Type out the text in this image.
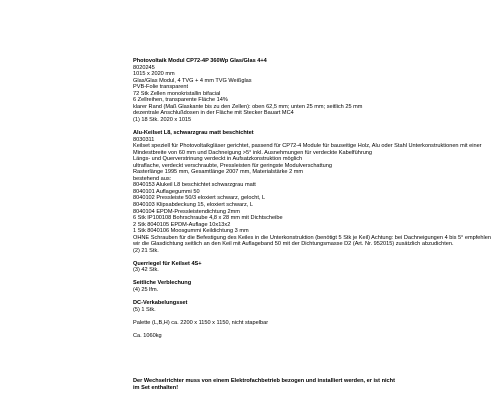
Photovoltaik Modul CP72-4P 360Wp Glas/Glas 4+4
8020245
1015 x 2020 mm
Glas/Glas Modul, 4 TVG + 4 mm TVG Weißglas
PVB-Folie transparent
72 Stk Zellen monokristallin bifacial
6 Zellreihen, transparente Fläche 14%
klarer Rand (Maß Glaskante bis zu den Zellen): oben 62,5 mm; unten 25 mm; seitlich 25 mm
dezentrale Anschlußdosen in der Fläche mit Stecker Bauart MC4
(1) 18 Stk. 2020 x 1015
Alu-Keilset L8, schwarzgrau matt beschichtet
8030311
Keilset speziell für Photovoltaikgläser gerichtet, passend für CP72-4 Module für bauseitige Holz, Alu oder Stahl Unterkonstruktionen mit einer Mindestbreite von 60 mm und Dachneigung >5° inkl. Ausnehmungen für verdeckte Kabelführung
Längs- und Querverstrinung verdeckt in Aufsatzkonstruktion möglich
ultraflache, verdeckt verschraubte, Pressleisten für geringste Modulverschattung
Rasterlänge 1995 mm, Gesamtlänge 2007 mm, Materialstärke 2 mm
bestehend aus:
8040153 Alukeil L8 beschichtet schwarzgrau matt
8040101 Auflagegummi 50
8040102 Pressleiste 50/3 eloxiert schwarz, gelocht, L
8040103 Klipsabdeckung 15, eloxiert schwarz, L
8040104 EPDM-Pressleistendichtung 2mm
6 Stk IP100108 Bohrschraube 4,8 x 28 mm mit Dichtscheibe
2 Stk 8040105 EPDM-Auflage 10x13x2
1 Stk 8040106 Moosgummi Keildichtung 3 mm
OHNE Schrauben für die Befestigung des Keiles in die Unterkonstruktion (benötigt 5 Stk je Keil) Achtung: bei Dachneigungen 4 bis 5° empfehlen wir die Glasdichtung seitlich an den Keil mit Auflageband 50 mit der Dichtungsmasse D2 (Art. Nr. 952015) zusätzlich abzudichten.
(2) 21 Stk.
Querriegel für Keilset 4S+
(3) 42 Stk.
Seitliche Verblechung
(4) 25 lfm.
DC-Verkabelungsset
(5) 1 Stk.
Palette (L,B,H) ca. 2200 x 1150 x 1150, nicht stapelbar
Ca. 1060kg
Der Wechselrichter muss von einem Elektrofachbetrieb bezogen und installiert werden, er ist nicht im Set enthalten!
